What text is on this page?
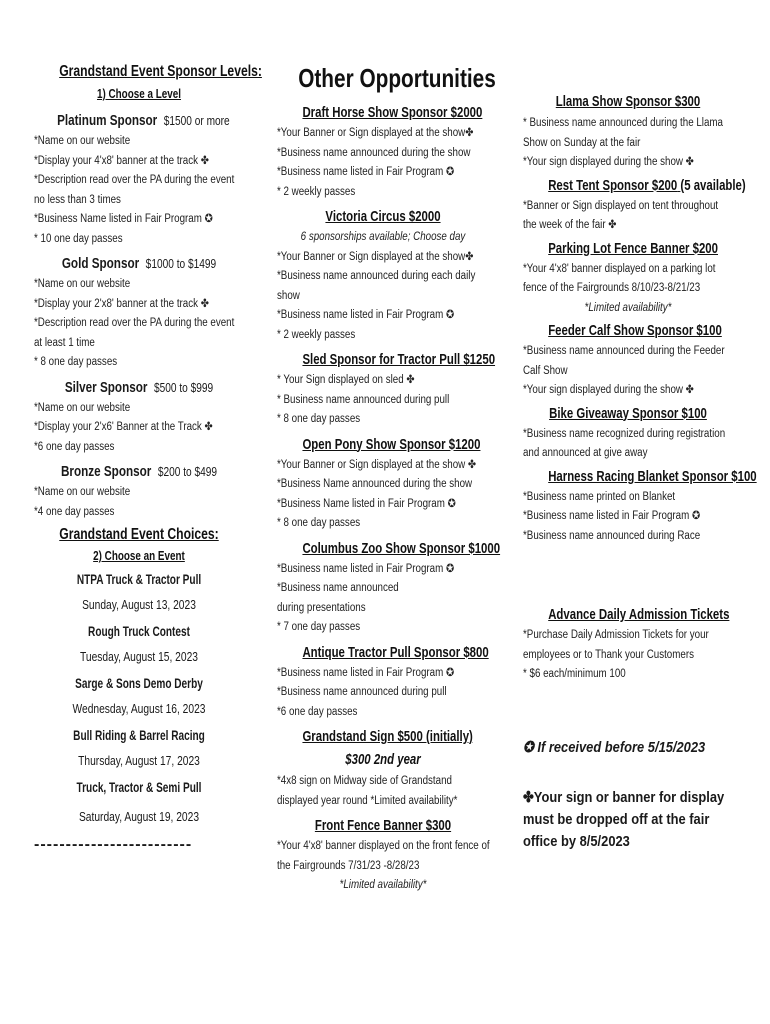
Grandstand Event Sponsor Levels:
1) Choose a Level
Platinum Sponsor $1500 or more
*Name on our website
*Display your 4'x8' banner at the track ✤
*Description read over the PA during the event no less than 3 times
*Business Name listed in Fair Program ✪
* 10 one day passes
Gold Sponsor $1000 to $1499
*Name on our website
*Display your 2'x8' banner at the track ✤
*Description read over the PA during the event at least 1 time
* 8 one day passes
Silver Sponsor $500 to $999
*Name on our website
*Display your 2'x6' Banner at the Track ✤
*6 one day passes
Bronze Sponsor $200 to $499
*Name on our website
*4 one day passes
Grandstand Event Choices:
2) Choose an Event
NTPA Truck & Tractor Pull
Sunday, August 13, 2023
Rough Truck Contest
Tuesday, August 15, 2023
Sarge & Sons Demo Derby
Wednesday, August 16, 2023
Bull Riding & Barrel Racing
Thursday, August 17, 2023
Truck, Tractor & Semi Pull
Saturday, August 19, 2023
-------------------------
Other Opportunities
Draft Horse Show Sponsor $2000
*Your Banner or Sign displayed at the show✤
*Business name announced during the show
*Business name listed in Fair Program ✪
* 2 weekly passes
Victoria Circus $2000
6 sponsorships available; Choose day
*Your Banner or Sign displayed at the show✤
*Business name announced during each daily show
*Business name listed in Fair Program ✪
* 2 weekly passes
Sled Sponsor for Tractor Pull $1250
* Your Sign displayed on sled ✤
* Business name announced during pull
* 8 one day passes
Open Pony Show Sponsor $1200
*Your Banner or Sign displayed at the show ✤
*Business Name announced during the show
*Business Name listed in Fair Program ✪
* 8 one day passes
Columbus Zoo Show Sponsor $1000
*Business name listed in Fair Program ✪
*Business name announced during presentations
* 7 one day passes
Antique Tractor Pull Sponsor $800
*Business name listed in Fair Program ✪
*Business name announced during pull
*6 one day passes
Grandstand Sign $500 (initially)
$300 2nd year
*4x8 sign on Midway side of Grandstand displayed year round *Limited availability*
Front Fence Banner $300
*Your 4'x8' banner displayed on the front fence of the Fairgrounds 7/31/23 -8/28/23
*Limited availability*
Llama Show Sponsor $300
* Business name announced during the Llama Show on Sunday at the fair
*Your sign displayed during the show ✤
Rest Tent Sponsor $200 (5 available)
*Banner or Sign displayed on tent throughout the week of the fair ✤
Parking Lot Fence Banner $200
*Your 4'x8' banner displayed on a parking lot fence of the Fairgrounds 8/10/23-8/21/23
*Limited availability*
Feeder Calf Show Sponsor $100
*Business name announced during the Feeder Calf Show
*Your sign displayed during the show ✤
Bike Giveaway Sponsor $100
*Business name recognized during registration and announced at give away
Harness Racing Blanket Sponsor $100
*Business name printed on Blanket
*Business name listed in Fair Program ✪
*Business name announced during Race
Advance Daily Admission Tickets
*Purchase Daily Admission Tickets for your employees or to Thank your Customers
* $6 each/minimum 100
✪ If received before 5/15/2023
✤Your sign or banner for display must be dropped off at the fair office by 8/5/2023
